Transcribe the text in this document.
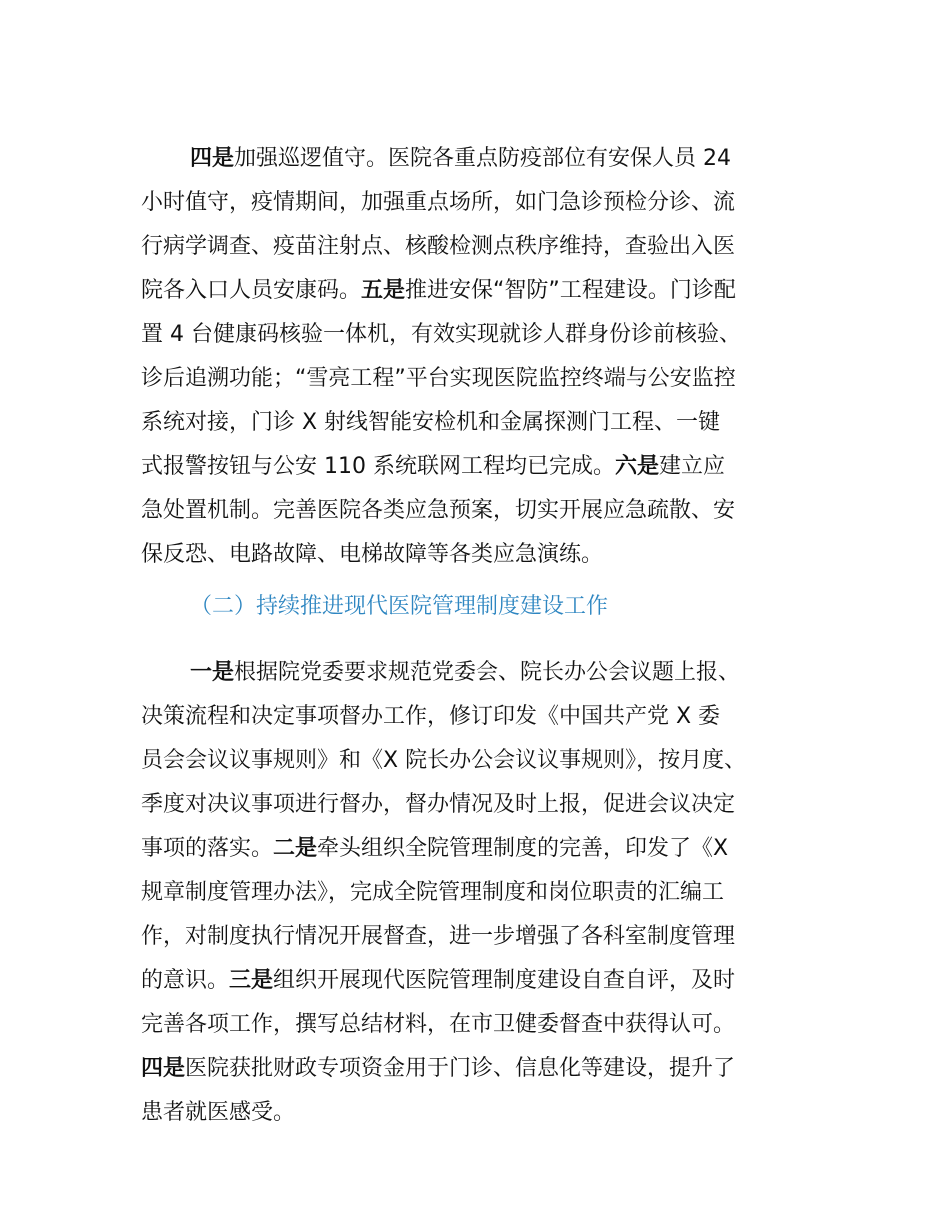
四是加强巡逻值守。医院各重点防疫部位有安保人员 24
小时值守，疫情期间，加强重点场所，如门急诊预检分诊、流
行病学调查、疫苗注射点、核酸检测点秩序维持，查验出入医
院各入口人员安康码。五是推进安保“智防”工程建设。门诊配
置 4 台健康码核验一体机，有效实现就诊人群身份诊前核验、
诊后追溯功能；“雪亮工程”平台实现医院监控终端与公安监控
系统对接，门诊 X 射线智能安检机和金属探测门工程、一键
式报警按钮与公安 110 系统联网工程均已完成。六是建立应
急处置机制。完善医院各类应急预案，切实开展应急疏散、安
保反恐、电路故障、电梯故障等各类应急演练。
（二）持续推进现代医院管理制度建设工作
一是根据院党委要求规范党委会、院长办公会议题上报、
决策流程和决定事项督办工作，修订印发《中国共产党 X 委
员会会议议事规则》和《X 院长办公会议议事规则》，按月度、
季度对决议事项进行督办，督办情况及时上报，促进会议决定
事项的落实。二是牵头组织全院管理制度的完善，印发了《X
规章制度管理办法》，完成全院管理制度和岗位职责的汇编工
作，对制度执行情况开展督查，进一步增强了各科室制度管理
的意识。三是组织开展现代医院管理制度建设自查自评，及时
完善各项工作，撰写总结材料，在市卫健委督查中获得认可。
四是医院获批财政专项资金用于门诊、信息化等建设，提升了
患者就医感受。
